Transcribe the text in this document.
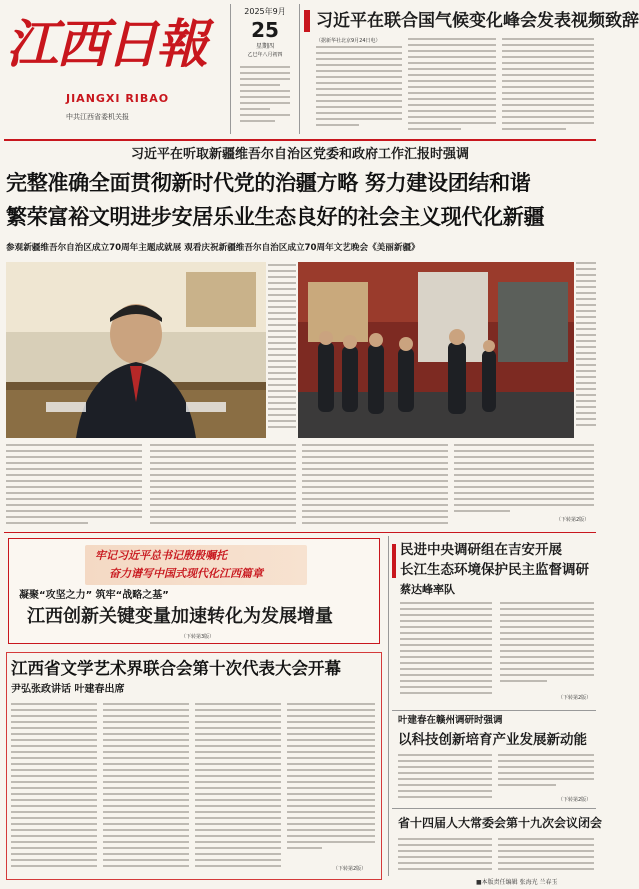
江西日報
JIANGXI RIBAO
中共江西省委机关报
2025年9月
25
星期四
乙巳年八月初四
习近平在联合国气候变化峰会发表视频致辞
（据新华社北京9月24日电）
习近平在听取新疆维吾尔自治区党委和政府工作汇报时强调
完整准确全面贯彻新时代党的治疆方略 努力建设团结和谐
繁荣富裕文明进步安居乐业生态良好的社会主义现代化新疆
参观新疆维吾尔自治区成立70周年主题成就展 观看庆祝新疆维吾尔自治区成立70周年文艺晚会《美丽新疆》
（下转第2版）
牢记习近平总书记殷殷嘱托
奋力谱写中国式现代化江西篇章
凝聚“攻坚之力” 筑牢“战略之基”
江西创新关键变量加速转化为发展增量
（下转第3版）
民进中央调研组在吉安开展
长江生态环境保护民主监督调研
蔡达峰率队
（下转第2版）
江西省文学艺术界联合会第十次代表大会开幕
尹弘张政讲话 叶建春出席
（下转第2版）
叶建春在赣州调研时强调
以科技创新培育产业发展新动能
（下转第2版）
省十四届人大常委会第十九次会议闭会
■本版责任编辑 张海光 兰春玉
